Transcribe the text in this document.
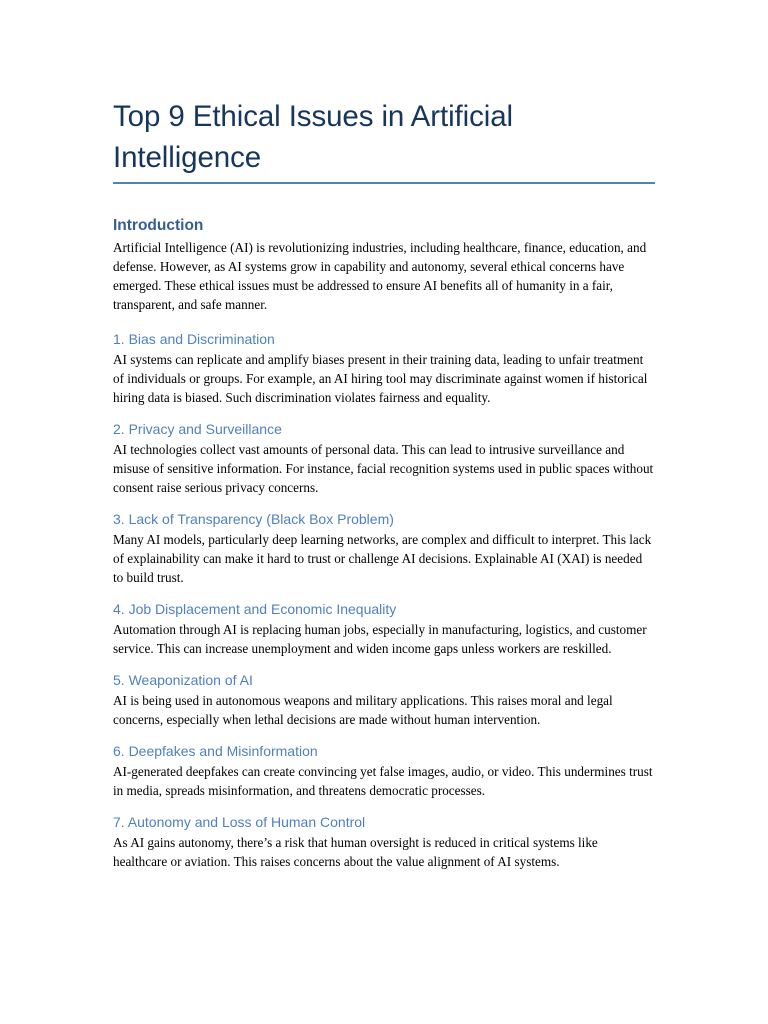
Top 9 Ethical Issues in Artificial Intelligence
Introduction

Artificial Intelligence (AI) is revolutionizing industries, including healthcare, finance, education, and defense. However, as AI systems grow in capability and autonomy, several ethical concerns have emerged. These ethical issues must be addressed to ensure AI benefits all of humanity in a fair, transparent, and safe manner.

1. Bias and Discrimination

AI systems can replicate and amplify biases present in their training data, leading to unfair treatment of individuals or groups. For example, an AI hiring tool may discriminate against women if historical hiring data is biased. Such discrimination violates fairness and equality.

2. Privacy and Surveillance

AI technologies collect vast amounts of personal data. This can lead to intrusive surveillance and misuse of sensitive information. For instance, facial recognition systems used in public spaces without consent raise serious privacy concerns.

3. Lack of Transparency (Black Box Problem)

Many AI models, particularly deep learning networks, are complex and difficult to interpret. This lack of explainability can make it hard to trust or challenge AI decisions. Explainable AI (XAI) is needed to build trust.

4. Job Displacement and Economic Inequality

Automation through AI is replacing human jobs, especially in manufacturing, logistics, and customer service. This can increase unemployment and widen income gaps unless workers are reskilled.

5. Weaponization of AI

AI is being used in autonomous weapons and military applications. This raises moral and legal concerns, especially when lethal decisions are made without human intervention.

6. Deepfakes and Misinformation

AI-generated deepfakes can create convincing yet false images, audio, or video. This undermines trust in media, spreads misinformation, and threatens democratic processes.

7. Autonomy and Loss of Human Control

As AI gains autonomy, there’s a risk that human oversight is reduced in critical systems like healthcare or aviation. This raises concerns about the value alignment of AI systems.
